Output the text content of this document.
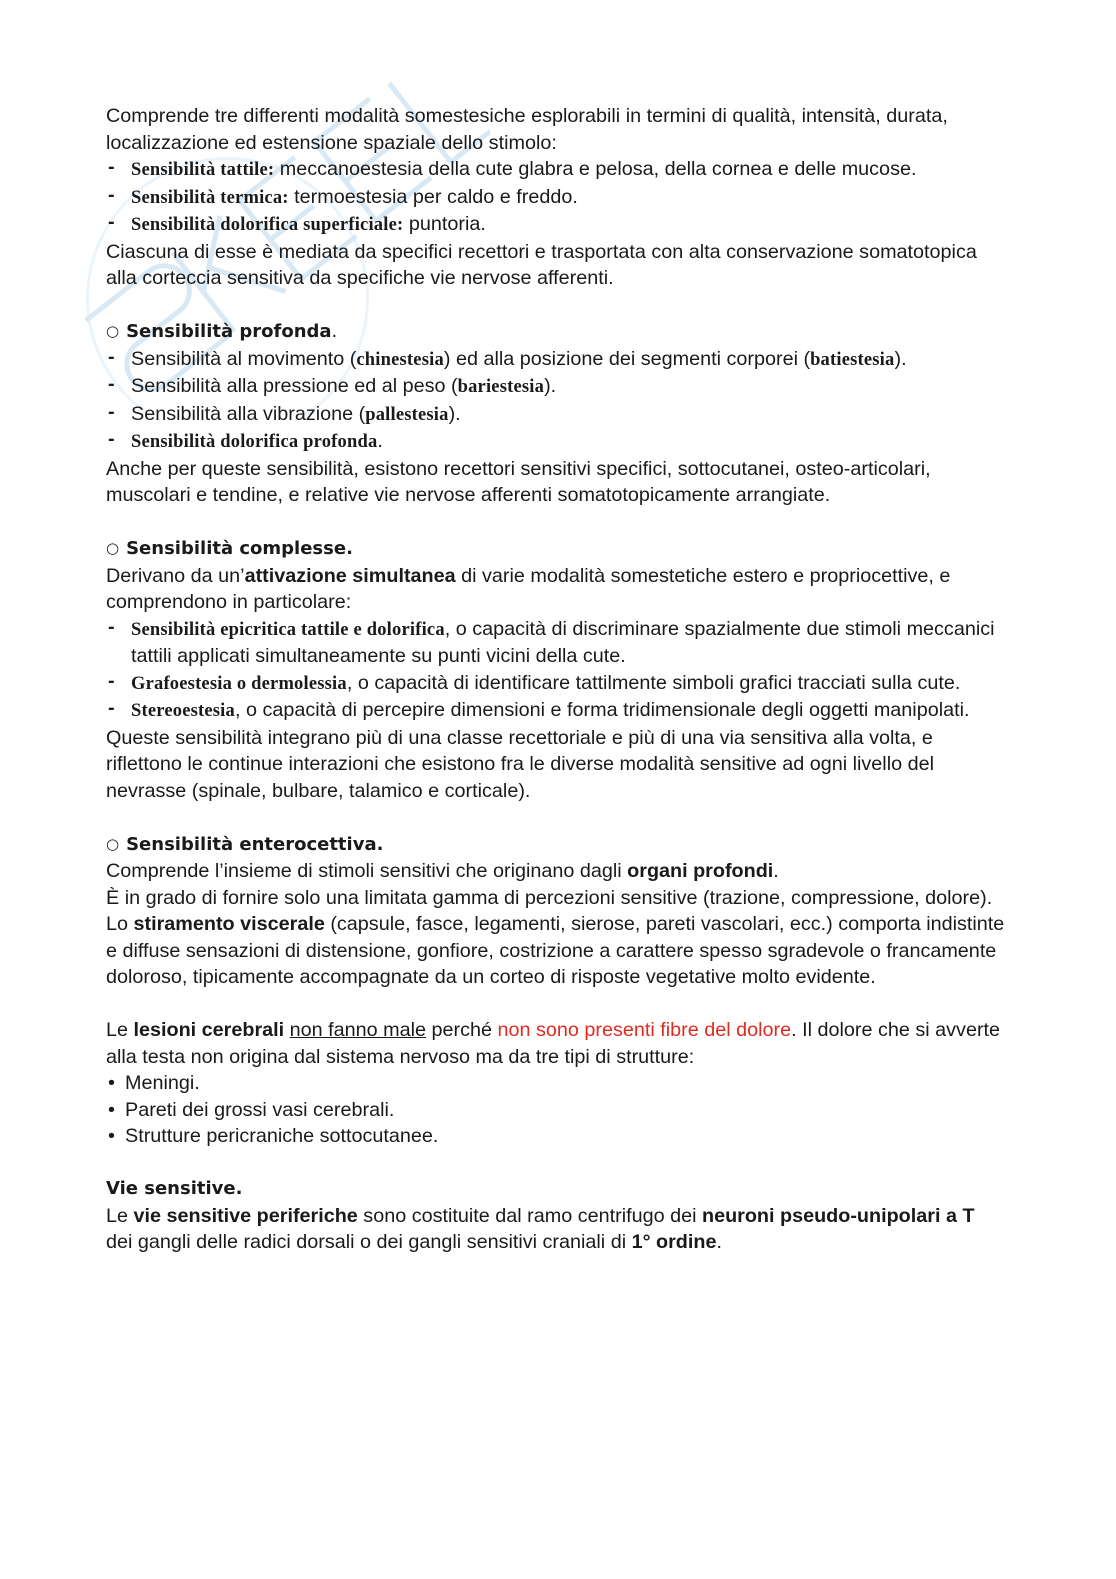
Comprende tre differenti modalità somestesiche esplorabili in termini di qualità, intensità, durata, localizzazione ed estensione spaziale dello stimolo:

- Sensibilità tattile: meccanoestesia della cute glabra e pelosa, della cornea e delle mucose.

- Sensibilità termica: termoestesia per caldo e freddo.

- Sensibilità dolorifica superficiale: puntoria.

Ciascuna di esse è mediata da specifici recettori e trasportata con alta conservazione somatotopica alla corteccia sensitiva da specifiche vie nervose afferenti.

○ Sensibilità profonda.

- Sensibilità al movimento (chinestesia) ed alla posizione dei segmenti corporei (batiestesia).

- Sensibilità alla pressione ed al peso (bariestesia).

- Sensibilità alla vibrazione (pallestesia).

- Sensibilità dolorifica profonda.

Anche per queste sensibilità, esistono recettori sensitivi specifici, sottocutanei, osteo-articolari, muscolari e tendine, e relative vie nervose afferenti somatotopicamente arrangiate.

○ Sensibilità complesse.

Derivano da un’attivazione simultanea di varie modalità somestetiche estero e propriocettive, e comprendono in particolare:

- Sensibilità epicritica tattile e dolorifica, o capacità di discriminare spazialmente due stimoli meccanici tattili applicati simultaneamente su punti vicini della cute.

- Grafoestesia o dermolessia, o capacità di identificare tattilmente simboli grafici tracciati sulla cute.

- Stereoestesia, o capacità di percepire dimensioni e forma tridimensionale degli oggetti manipolati.

Queste sensibilità integrano più di una classe recettoriale e più di una via sensitiva alla volta, e riflettono le continue interazioni che esistono fra le diverse modalità sensitive ad ogni livello del nevrasse (spinale, bulbare, talamico e corticale).

○ Sensibilità enterocettiva.

Comprende l’insieme di stimoli sensitivi che originano dagli organi profondi.

È in grado di fornire solo una limitata gamma di percezioni sensitive (trazione, compressione, dolore). Lo stiramento viscerale (capsule, fasce, legamenti, sierose, pareti vascolari, ecc.) comporta indistinte e diffuse sensazioni di distensione, gonfiore, costrizione a carattere spesso sgradevole o francamente doloroso, tipicamente accompagnate da un corteo di risposte vegetative molto evidente.

Le lesioni cerebrali non fanno male perché non sono presenti fibre del dolore. Il dolore che si avverte alla testa non origina dal sistema nervoso ma da tre tipi di strutture:

• Meningi.

• Pareti dei grossi vasi cerebrali.

• Strutture pericraniche sottocutanee.

Vie sensitive.

Le vie sensitive periferiche sono costituite dal ramo centrifugo dei neuroni pseudo-unipolari a T dei gangli delle radici dorsali o dei gangli sensitivi craniali di 1° ordine.
